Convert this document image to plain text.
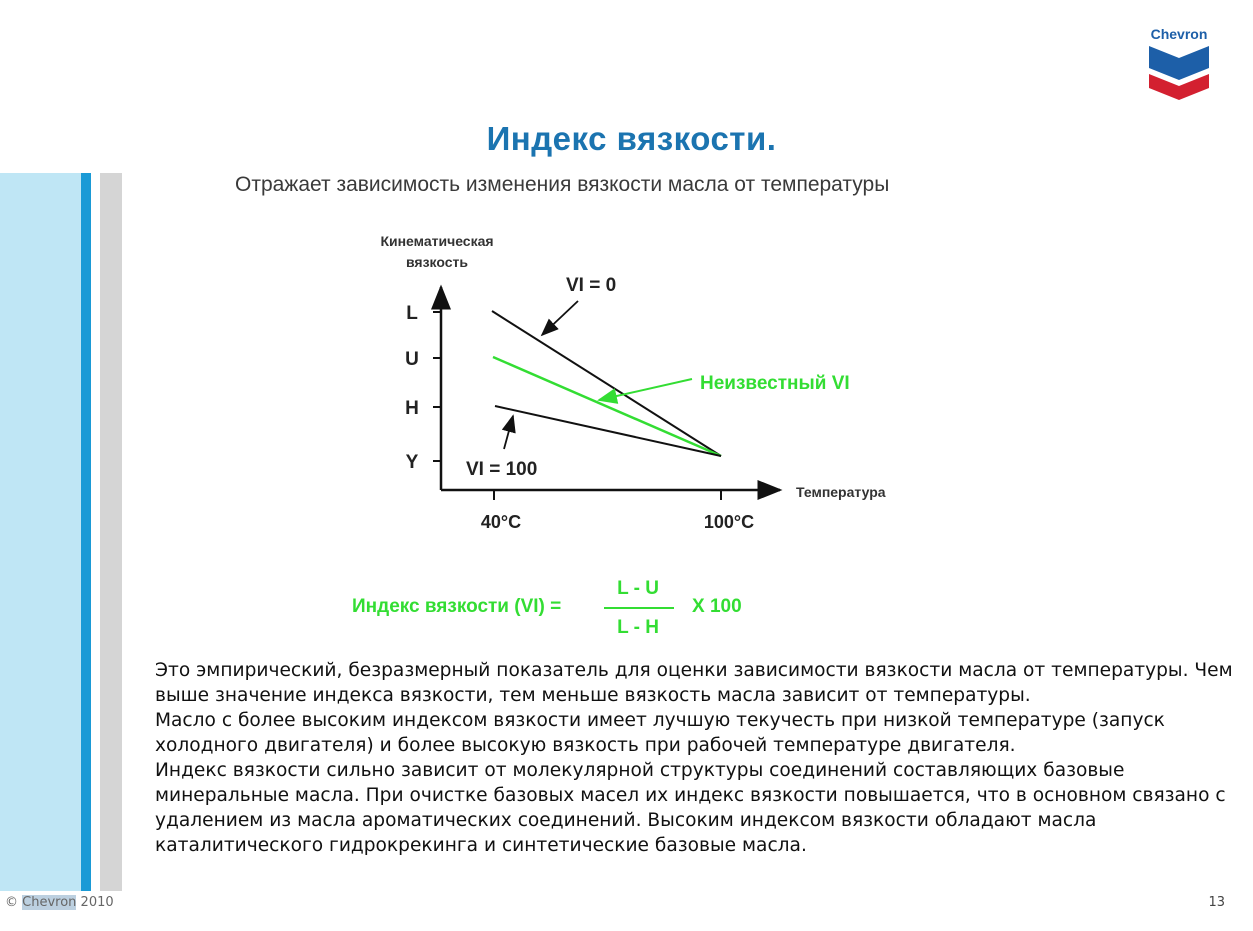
Chevron
Индекс вязкости.
Отражает зависимость изменения вязкости масла от температуры
Кинематическая
вязкость
L
U
H
Y
40°C	100°C
Температура
VI = 0
Неизвестный VI
VI = 100
Индекс вязкости (VI) =
L - U
L - H
X 100

Это эмпирический, безразмерный показатель для оценки зависимости вязкости масла от температуры. Чем выше значение индекса вязкости, тем меньше вязкость масла зависит от температуры.

Масло с более высоким индексом вязкости имеет лучшую текучесть при низкой температуре (запуск холодного двигателя) и более высокую вязкость при рабочей температуре двигателя.

Индекс вязкости сильно зависит от молекулярной структуры соединений составляющих базовые минеральные масла. При очистке базовых масел их индекс вязкости повышается, что в основном связано с удалением из масла ароматических соединений. Высоким индексом вязкости обладают масла каталитического гидрокрекинга и синтетические базовые масла.

© Chevron 2010	13
